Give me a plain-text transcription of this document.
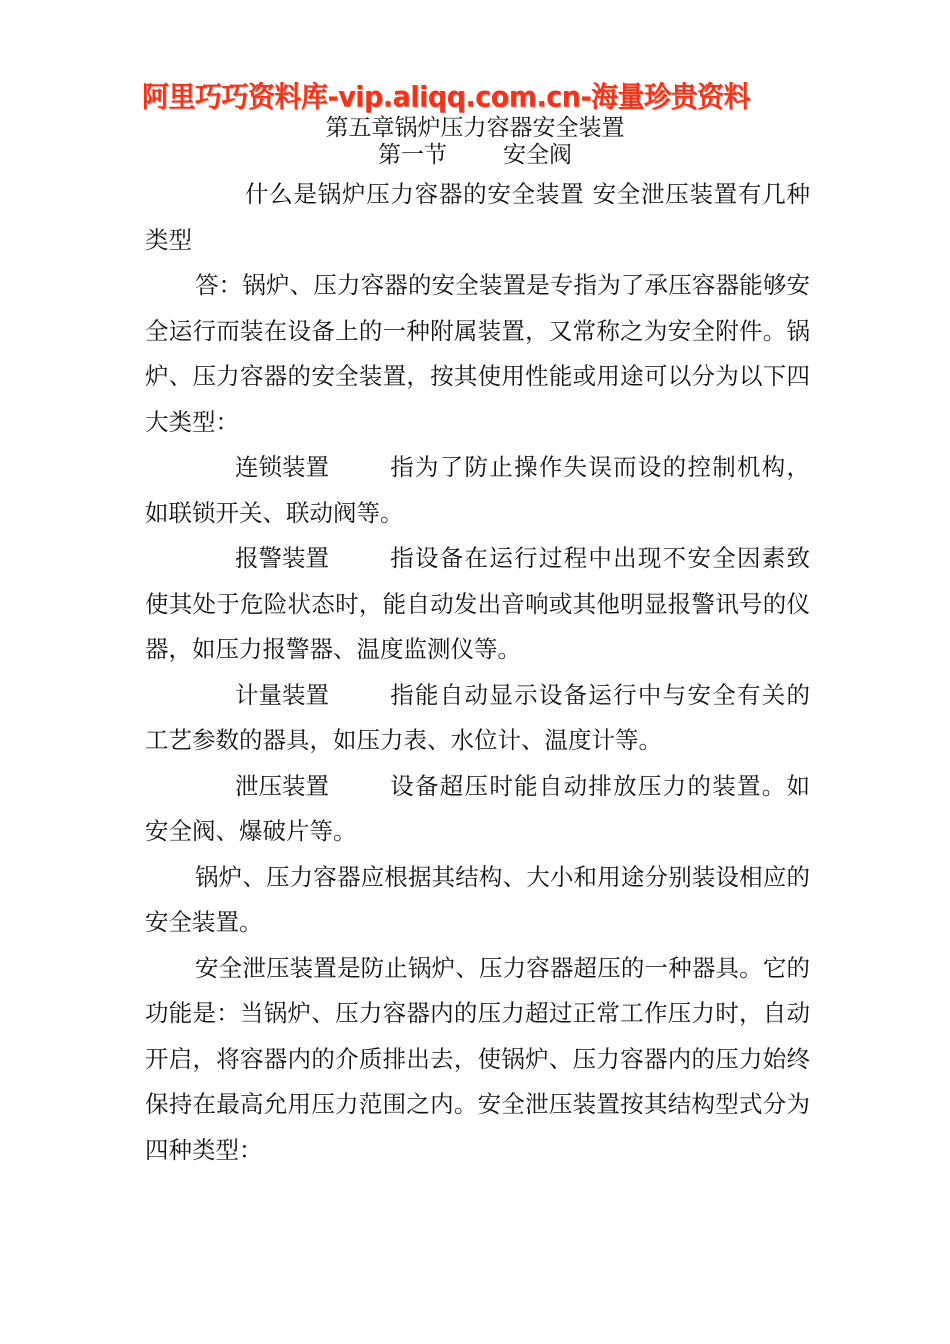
阿里巧巧资料库-vip.aliqq.com.cn-海量珍贵资料
第五章锅炉压力容器安全装置
第一节 安全阀

什么是锅炉压力容器的安全装置 安全泄压装置有几种类型

答：锅炉、压力容器的安全装置是专指为了承压容器能够安全运行而装在设备上的一种附属装置，又常称之为安全附件。锅炉、压力容器的安全装置，按其使用性能或用途可以分为以下四大类型：

连锁装置	指为了防止操作失误而设的控制机构，如联锁开关、联动阀等。

报警装置	指设备在运行过程中出现不安全因素致使其处于危险状态时，能自动发出音响或其他明显报警讯号的仪器，如压力报警器、温度监测仪等。

计量装置	指能自动显示设备运行中与安全有关的工艺参数的器具，如压力表、水位计、温度计等。

泄压装置	设备超压时能自动排放压力的装置。如安全阀、爆破片等。

锅炉、压力容器应根据其结构、大小和用途分别装设相应的安全装置。

安全泄压装置是防止锅炉、压力容器超压的一种器具。它的功能是：当锅炉、压力容器内的压力超过正常工作压力时，自动开启，将容器内的介质排出去，使锅炉、压力容器内的压力始终保持在最高允用压力范围之内。安全泄压装置按其结构型式分为四种类型：
